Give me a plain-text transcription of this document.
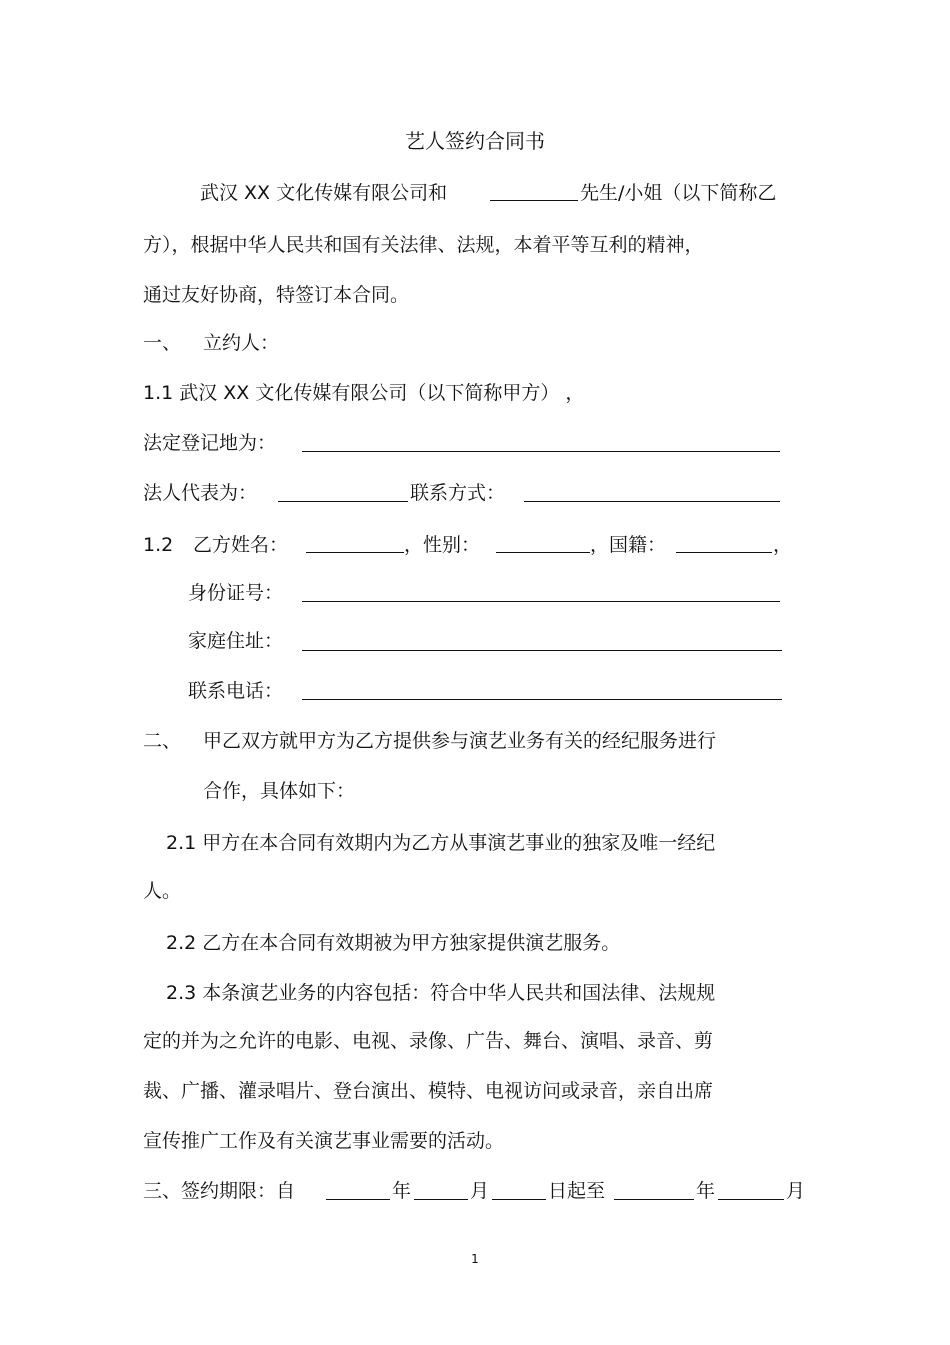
艺人签约合同书
武汉 XX 文化传媒有限公司和	先生/小姐（以下简称乙
方），根据中华人民共和国有关法律、法规，本着平等互利的精神，
通过友好协商，特签订本合同。
一、 立约人：
1.1 武汉 XX 文化传媒有限公司（以下简称甲方） ，
法定登记地为：
法人代表为：	联系方式：
1.2 乙方姓名：	，性别：	，国籍：	，
身份证号：
家庭住址：
联系电话：
二、 甲乙双方就甲方为乙方提供参与演艺业务有关的经纪服务进行
合作，具体如下：
2.1 甲方在本合同有效期内为乙方从事演艺事业的独家及唯一经纪
人。
2.2 乙方在本合同有效期被为甲方独家提供演艺服务。
2.3 本条演艺业务的内容包括：符合中华人民共和国法律、法规规
定的并为之允许的电影、电视、录像、广告、舞台、演唱、录音、剪
裁、广播、灌录唱片、登台演出、模特、电视访问或录音，亲自出席
宣传推广工作及有关演艺事业需要的活动。
三、签约期限：自	年	月	日起至	年	月
1
